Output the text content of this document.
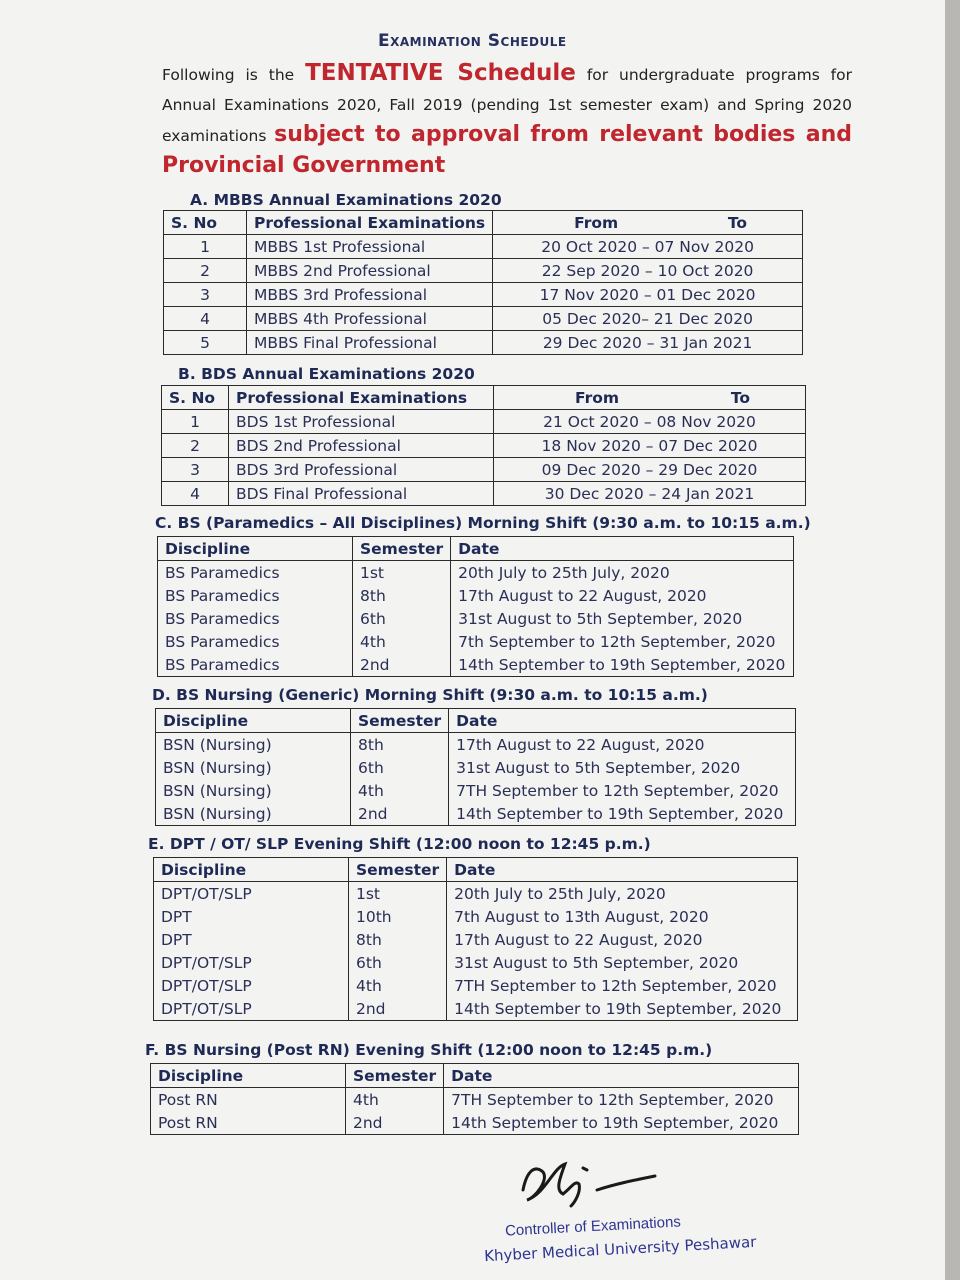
Examination Schedule
Following is the TENTATIVE Schedule for undergraduate programs for Annual Examinations 2020, Fall 2019 (pending 1st semester exam) and Spring 2020 examinations subject to approval from relevant bodies and Provincial Government
A. MBBS Annual Examinations 2020
S. No	Professional Examinations	From To

1	MBBS 1st Professional	20 Oct 2020 – 07 Nov 2020
2	MBBS 2nd Professional	22 Sep 2020 – 10 Oct 2020
3	MBBS 3rd Professional	17 Nov 2020 – 01 Dec 2020
4	MBBS 4th Professional	05 Dec 2020– 21 Dec 2020
5	MBBS Final Professional	29 Dec 2020 – 31 Jan 2021
B. BDS Annual Examinations 2020
S. No	Professional Examinations	From To

1	BDS 1st Professional	21 Oct 2020 – 08 Nov 2020
2	BDS 2nd Professional	18 Nov 2020 – 07 Dec 2020
3	BDS 3rd Professional	09 Dec 2020 – 29 Dec 2020
4	BDS Final Professional	30 Dec 2020 – 24 Jan 2021
C. BS (Paramedics – All Disciplines) Morning Shift (9:30 a.m. to 10:15 a.m.)
Discipline	Semester	Date
BS Paramedics	1st	20th July to 25th July, 2020
BS Paramedics	8th	17th August to 22 August, 2020
BS Paramedics	6th	31st August to 5th September, 2020
BS Paramedics	4th	7th September to 12th September, 2020
BS Paramedics	2nd	14th September to 19th September, 2020
D. BS Nursing (Generic) Morning Shift (9:30 a.m. to 10:15 a.m.)
Discipline	Semester	Date
BSN (Nursing)	8th	17th August to 22 August, 2020
BSN (Nursing)	6th	31st August to 5th September, 2020
BSN (Nursing)	4th	7TH September to 12th September, 2020
BSN (Nursing)	2nd	14th September to 19th September, 2020
E. DPT / OT/ SLP Evening Shift (12:00 noon to 12:45 p.m.)
Discipline	Semester	Date
DPT/OT/SLP	1st	20th July to 25th July, 2020
DPT	10th	7th August to 13th August, 2020
DPT	8th	17th August to 22 August, 2020
DPT/OT/SLP	6th	31st August to 5th September, 2020
DPT/OT/SLP	4th	7TH September to 12th September, 2020
DPT/OT/SLP	2nd	14th September to 19th September, 2020
F. BS Nursing (Post RN) Evening Shift (12:00 noon to 12:45 p.m.)
Discipline	Semester	Date
Post RN	4th	7TH September to 12th September, 2020
Post RN	2nd	14th September to 19th September, 2020
Controller of Examinations
Khyber Medical University Peshawar
